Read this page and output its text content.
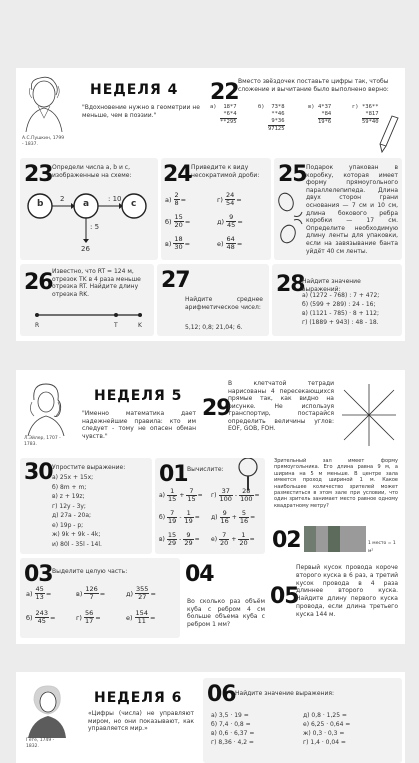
А.С.Пушкин, 1799 - 1837.
НЕДЕЛЯ 4
"Вдохновение нужно в геометрии не меньше, чем в поэзии."
22 Вместо звёздочек поставьте цифры так, чтобы сложение и вычитание было выполнено верно:
а)	18*7
*6*4
**295
б)	73*8
**46
9*36
97125
в) 4*37
*84
19*6
г) *36**
*817
59*40
23 Определи числа a, b и c, изображенные на схеме:
b 2 a	: 10 c
: 5
26
24 Приведите к виду несократимой дроби:
$а) \frac{2}{8}$ =	$г) \frac{24}{54}$ =
$б) \frac{15}{20}$ =	$д) \frac{9}{45}$ =
$в) \frac{18}{30}$ =	$е) \frac{64}{48}$ =
25 Подарок упакован в коробку, которая имеет форму прямоугольного параллелепипеда. Длина двух сторон грани основания — 7 см и 10 см, длина бокового ребра коробки — 17 см. Определите необходимую длину ленты для упаковки, если на завязывание банта уйдёт 40 см ленты.
26 Известно, что RT = 124 м, отрезок TK в 4 раза меньше отрезка RT. Найдите длину отрезка RK.
R	T	K
27
Найдите среднее арифметическое чисел:
5,12; 0,8; 21,04; 6.
28
Найдите значение выражений:
а) (1272 - 768) : 7 + 472;
б) (599 + 289) : 24 - 16;
в) (1121 - 785) · 8 + 112;
г) (1889 + 943) : 48 - 18.
Л.Эйлер, 1707 - 1783.
НЕДЕЛЯ 5
"Именно математика дает надежнейшие правила: кто им следует - тому не опасен обман чувств."
29
В клетчатой тетради нарисованы 4 пересекающихся прямые так, как видно на рисунке. Не используя транспортир, постарайся определить величины углов: EOF, GOB, FOH.
30 Упростите выражение:
а) 25x + 15x;
б) 8m + m;
в) z + 19z;
г) 12y - 3y;
д) 27a - 20a;
е) 19p - p;
ж) 9k + 9k - 4k;
и) 80l - 35l - 14l.
01 Вычислите:
$а) \frac{1}{15} + \frac{7}{15} = г) \frac{37}{100} - \frac{28}{100}$ =
$б) \frac{7}{19} - \frac{1}{19} = д) \frac{9}{16} + \frac{5}{16}$ =
$в) \frac{15}{29} - \frac{9}{29} = е) \frac{7}{20} + \frac{1}{20}$ =
Зрительный зал имеет форму прямоугольника. Его длина равна 9 м, а ширина на 5 м меньше. В центре зала имеется проход шириной 1 м. Какое наибольшее количество зрителей может разместиться в этом зале при условии, что один зритель занимает место равное одному квадратному метру?
02	1 место = 1 м²
03 Выделите целую часть:
$а) \frac{45}{13}$ =	$в) \frac{126}{7}$ =	$д) \frac{355}{27}$ =
$б) \frac{243}{45}$ =	$г) \frac{56}{17}$ =	$е) \frac{154}{11}$ =
04
Во сколько раз объём куба с ребром 4 см больше объема куба с ребром 1 мм?
05
Первый кусок провода короче второго куска в 6 раз, а третий кусок провода в 4 раза длиннее второго куска. Найдите длину первого куска провода, если длина третьего куска 144 м.
Гёте, 1749 - 1832.
НЕДЕЛЯ 6
«Цифры (числа) не управляют миром, но они показывают, как управляется мир.»
06 Найдите значение выражения:
а) 3,5 · 19 =
б) 7,4 · 0,8 =
в) 0,6 · 6,37 =
г) 8,36 · 4,2 =
д) 0,8 · 1,25 =
е) 6,25 · 0,64 =
ж) 0,3 · 0,3 =
г) 1,4 · 0,04 =
